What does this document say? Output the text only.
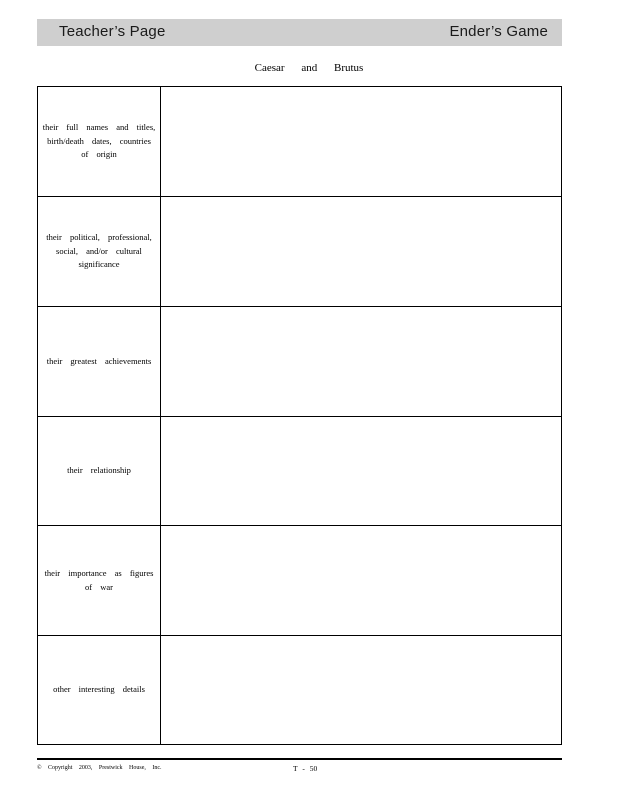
Teacher’s Page	Ender’s Game
Caesar and Brutus
their full names and titles, birth/death dates, countries of origin
their political, professional, social, and/or cultural significance
their greatest achievements
their relationship
their importance as figures of war
other interesting details
© Copyright 2003, Prestwick House, Inc.	T - 50
